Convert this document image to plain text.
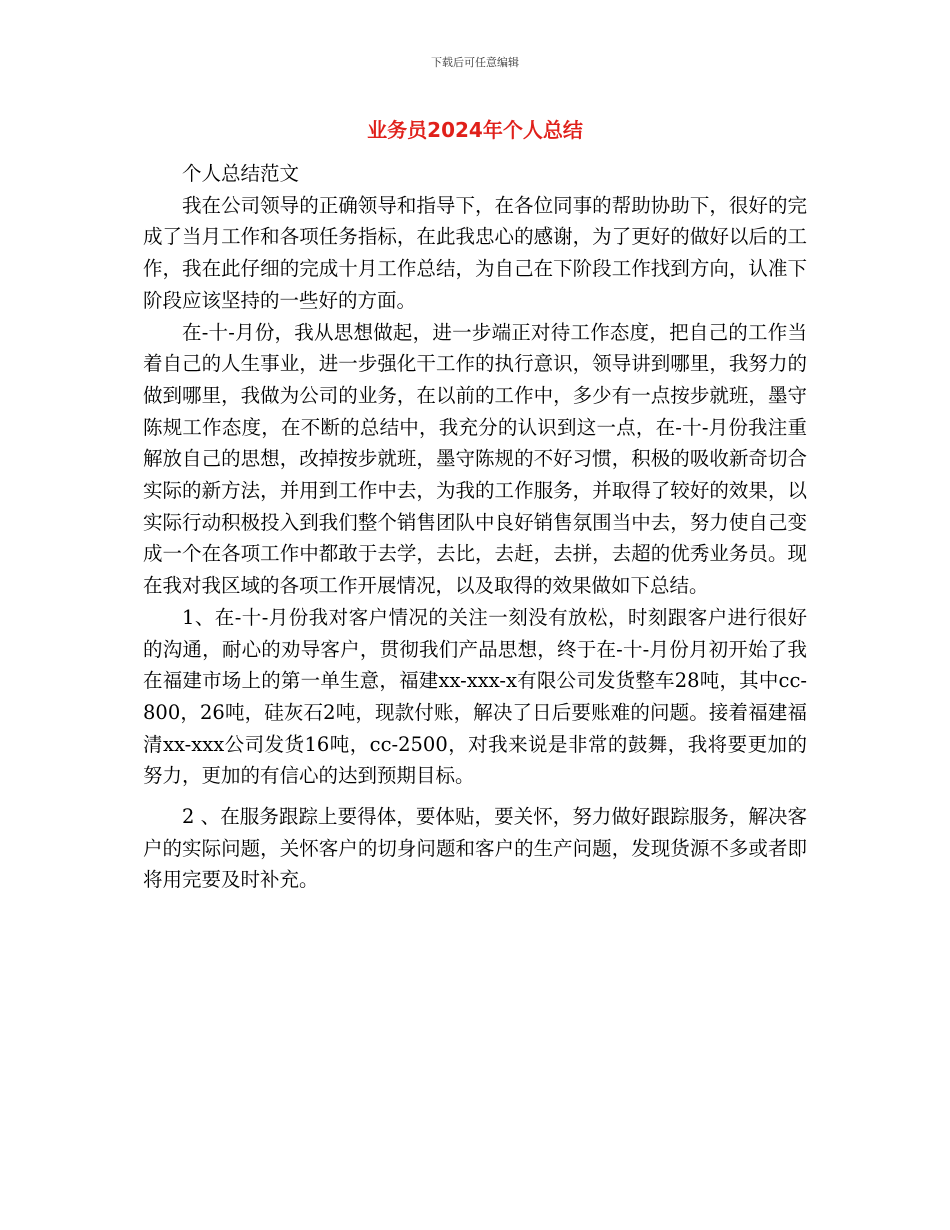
下载后可任意编辑
业务员2024年个人总结

个人总结范文

我在公司领导的正确领导和指导下，在各位同事的帮助协助下，很好的完成了当月工作和各项任务指标，在此我忠心的感谢，为了更好的做好以后的工作，我在此仔细的完成十月工作总结，为自己在下阶段工作找到方向，认准下阶段应该坚持的一些好的方面。

在-十-月份，我从思想做起，进一步端正对待工作态度，把自己的工作当着自己的人生事业，进一步强化干工作的执行意识，领导讲到哪里，我努力的做到哪里，我做为公司的业务，在以前的工作中，多少有一点按步就班，墨守陈规工作态度，在不断的总结中，我充分的认识到这一点，在-十-月份我注重解放自己的思想，改掉按步就班，墨守陈规的不好习惯，积极的吸收新奇切合实际的新方法，并用到工作中去，为我的工作服务，并取得了较好的效果，以实际行动积极投入到我们整个销售团队中良好销售氛围当中去，努力使自己变成一个在各项工作中都敢于去学，去比，去赶，去拼，去超的优秀业务员。现在我对我区域的各项工作开展情况，以及取得的效果做如下总结。

1、在-十-月份我对客户情况的关注一刻没有放松，时刻跟客户进行很好的沟通，耐心的劝导客户，贯彻我们产品思想，终于在-十-月份月初开始了我在福建市场上的第一单生意，福建xx-xxx-x有限公司发货整车28吨，其中cc-800，26吨，硅灰石2吨，现款付账，解决了日后要账难的问题。接着福建福清xx-xxx公司发货16吨，cc-2500，对我来说是非常的鼓舞，我将要更加的努力，更加的有信心的达到预期目标。

2 、在服务跟踪上要得体，要体贴，要关怀，努力做好跟踪服务，解决客户的实际问题，关怀客户的切身问题和客户的生产问题，发现货源不多或者即将用完要及时补充。
